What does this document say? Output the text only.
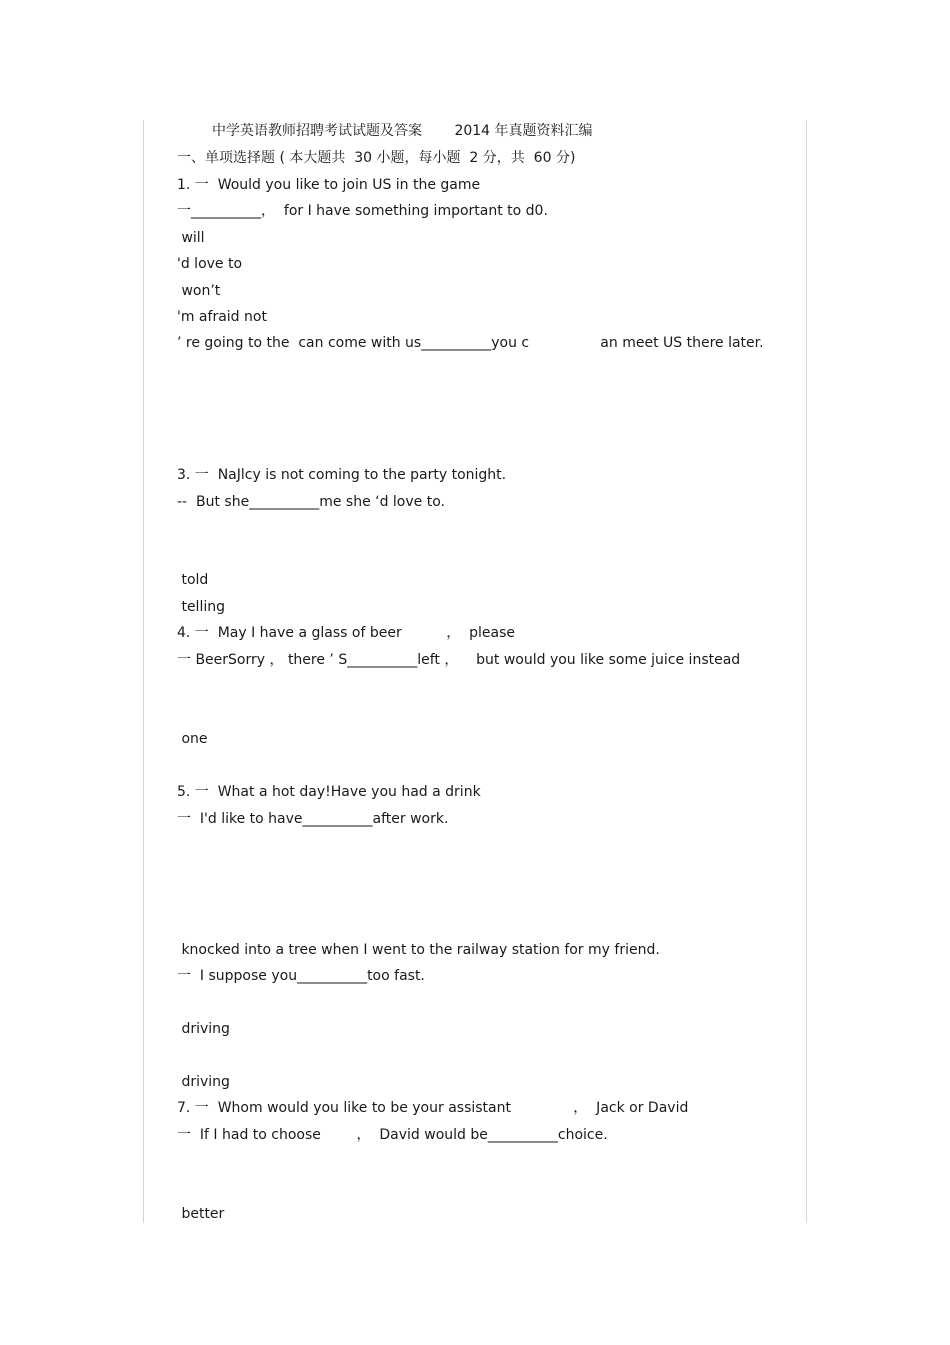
中学英语教师招聘考试试题及答案　　 2014 年真题资料汇编
一、单项选择题 ( 本大题共  30 小题，每小题  2 分，共  60 分)
1. 一  Would you like to join US in the game
一__________，  for I have something important to d0.
will
'd love to
won’t
'm afraid not
’ re going to the  can come with us__________you c                an meet US there later.
3. 一  NaJlcy is not coming to the party tonight.
--  But she__________me she ‘d love to.
told
telling
4. 一  May I have a glass of beer          ，  please
一 BeerSorry ， there ’ S__________left ，    but would you like some juice instead
one
5. 一  What a hot day!Have you had a drink
一  I'd like to have__________after work.
knocked into a tree when I went to the railway station for my friend.
一  I suppose you__________too fast.
driving
driving
7. 一  Whom would you like to be your assistant              ，  Jack or David
一  If I had to choose        ，  David would be__________choice.
better
